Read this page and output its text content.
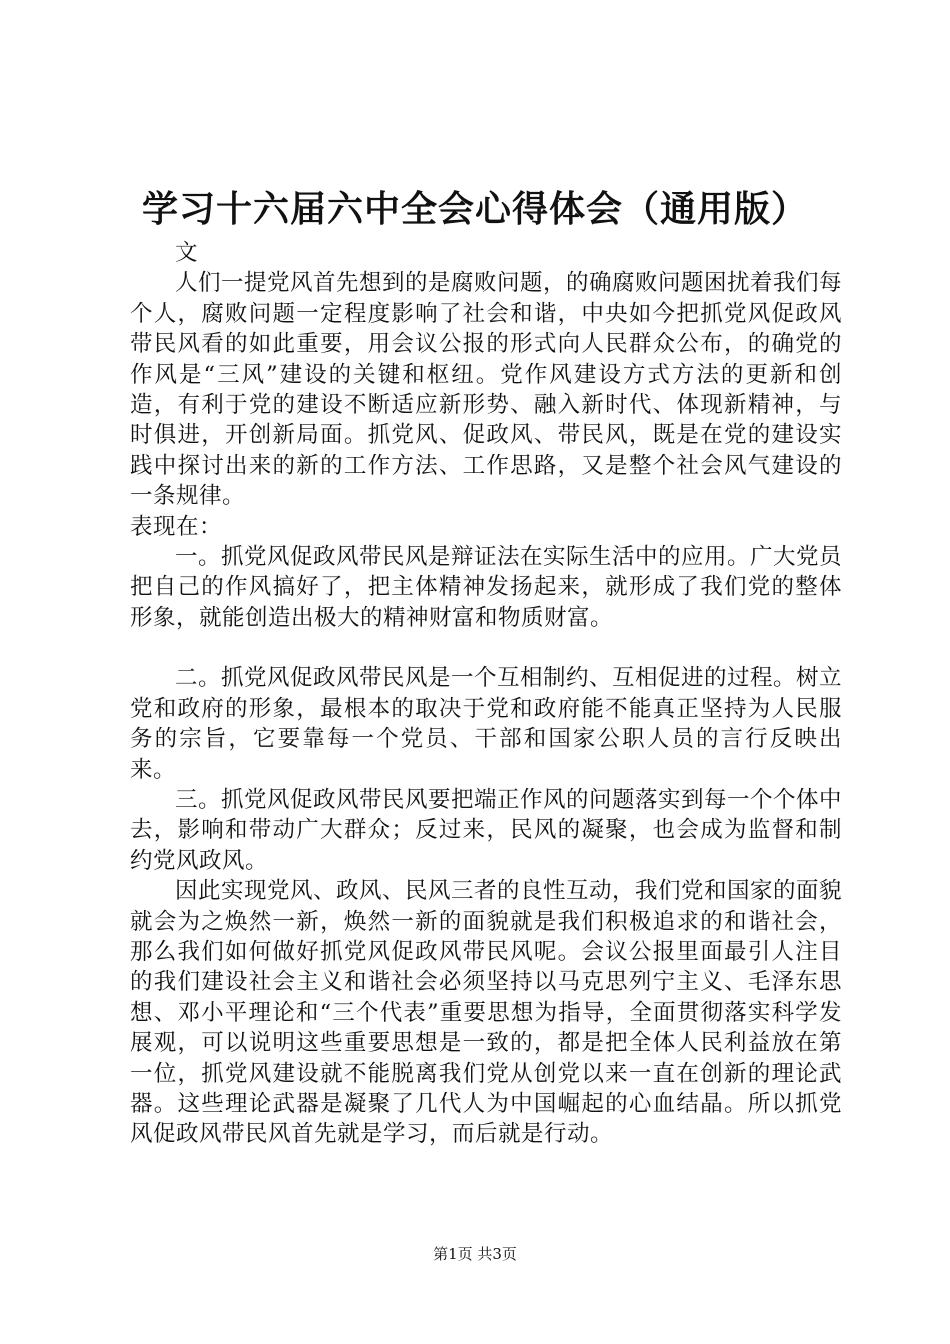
学习十六届六中全会心得体会（通用版）

文

人们一提党风首先想到的是腐败问题，的确腐败问题困扰着我们每个人，腐败问题一定程度影响了社会和谐，中央如今把抓党风促政风带民风看的如此重要，用会议公报的形式向人民群众公布，的确党的作风是“三风”建设的关键和枢纽。党作风建设方式方法的更新和创造，有利于党的建设不断适应新形势、融入新时代、体现新精神，与时俱进，开创新局面。抓党风、促政风、带民风，既是在党的建设实践中探讨出来的新的工作方法、工作思路，又是整个社会风气建设的一条规律。

表现在：

一。抓党风促政风带民风是辩证法在实际生活中的应用。广大党员把自己的作风搞好了，把主体精神发扬起来，就形成了我们党的整体形象，就能创造出极大的精神财富和物质财富。

二。抓党风促政风带民风是一个互相制约、互相促进的过程。树立党和政府的形象，最根本的取决于党和政府能不能真正坚持为人民服务的宗旨，它要靠每一个党员、干部和国家公职人员的言行反映出来。

三。抓党风促政风带民风要把端正作风的问题落实到每一个个体中去，影响和带动广大群众；反过来，民风的凝聚，也会成为监督和制约党风政风。

因此实现党风、政风、民风三者的良性互动，我们党和国家的面貌就会为之焕然一新，焕然一新的面貌就是我们积极追求的和谐社会，那么我们如何做好抓党风促政风带民风呢。会议公报里面最引人注目的我们建设社会主义和谐社会必须坚持以马克思列宁主义、毛泽东思想、邓小平理论和“三个代表”重要思想为指导，全面贯彻落实科学发展观，可以说明这些重要思想是一致的，都是把全体人民利益放在第一位，抓党风建设就不能脱离我们党从创党以来一直在创新的理论武器。这些理论武器是凝聚了几代人为中国崛起的心血结晶。所以抓党风促政风带民风首先就是学习，而后就是行动。

第1页 共3页
